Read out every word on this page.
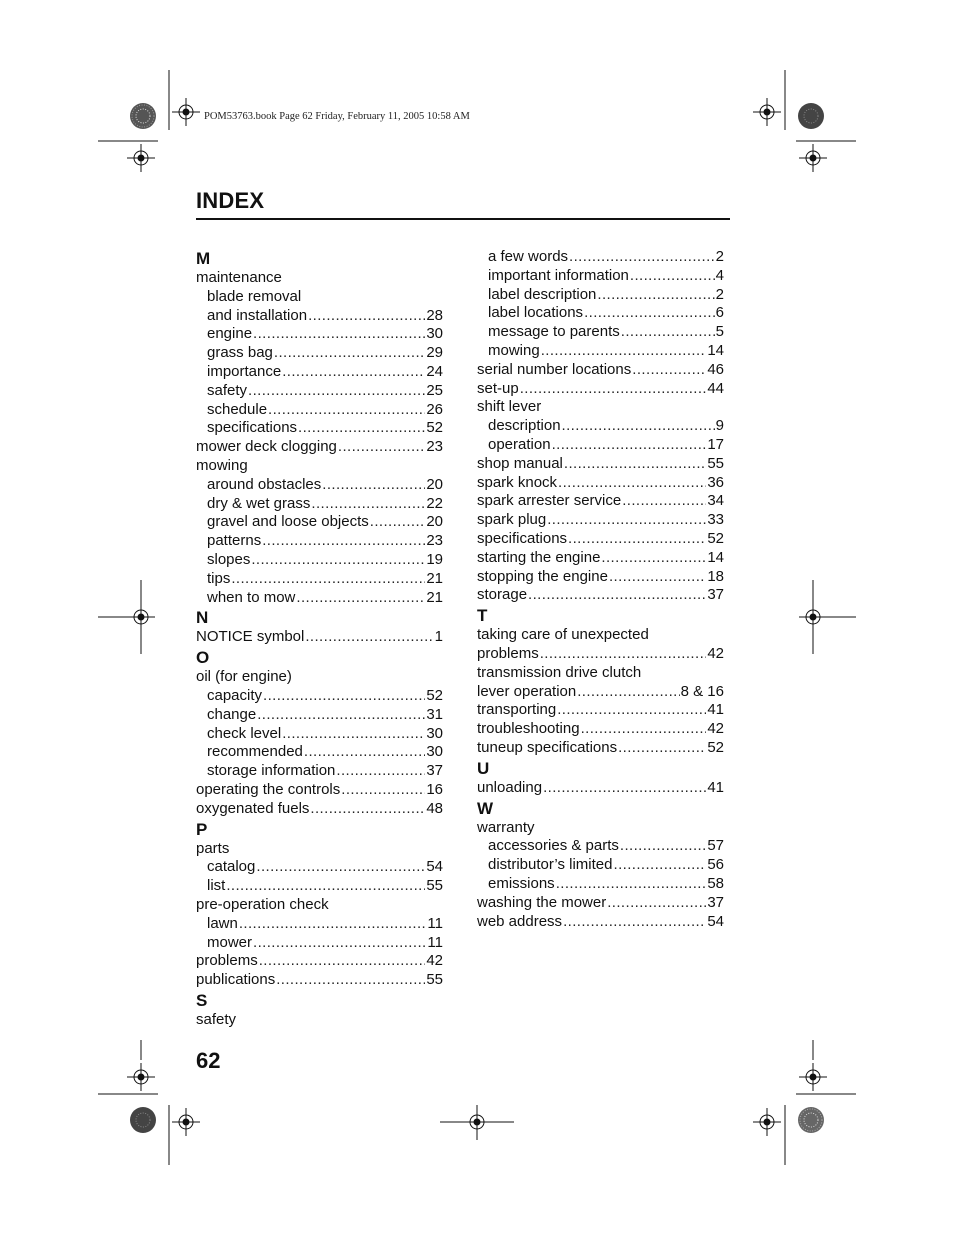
POM53763.book Page 62 Friday, February 11, 2005 10:58 AM
INDEX
M
maintenance
blade removal
and installation .....	28
engine .....	30
grass bag .....	29
importance .....	24
safety .....	25
schedule .....	26
specifications .....	52
mower deck clogging .....	23
mowing
around obstacles .....	20
dry & wet grass .....	22
gravel and loose objects .....	20
patterns .....	23
slopes .....	19
tips .....	21
when to mow .....	21
N
NOTICE symbol .....	1
O
oil (for engine)
capacity .....	52
change .....	31
check level .....	30
recommended .....	30
storage information .....	37
operating the controls .....	16
oxygenated fuels .....	48
P
parts
catalog .....	54
list .....	55
pre-operation check
lawn .....	11
mower .....	11
problems .....	42
publications .....	55
S
safety
a few words .....	2
important information .....	4
label description .....	2
label locations .....	6
message to parents .....	5
mowing .....	14
serial number locations .....	46
set-up .....	44
shift lever
description .....	9
operation .....	17
shop manual .....	55
spark knock .....	36
spark arrester service .....	34
spark plug .....	33
specifications .....	52
starting the engine .....	14
stopping the engine .....	18
storage .....	37
T
taking care of unexpected
problems .....	42
transmission drive clutch
lever operation .....	8 & 16
transporting .....	41
troubleshooting .....	42
tuneup specifications .....	52
U
unloading .....	41
W
warranty
accessories & parts .....	57
distributor’s limited .....	56
emissions .....	58
washing the mower .....	37
web address .....	54
62
